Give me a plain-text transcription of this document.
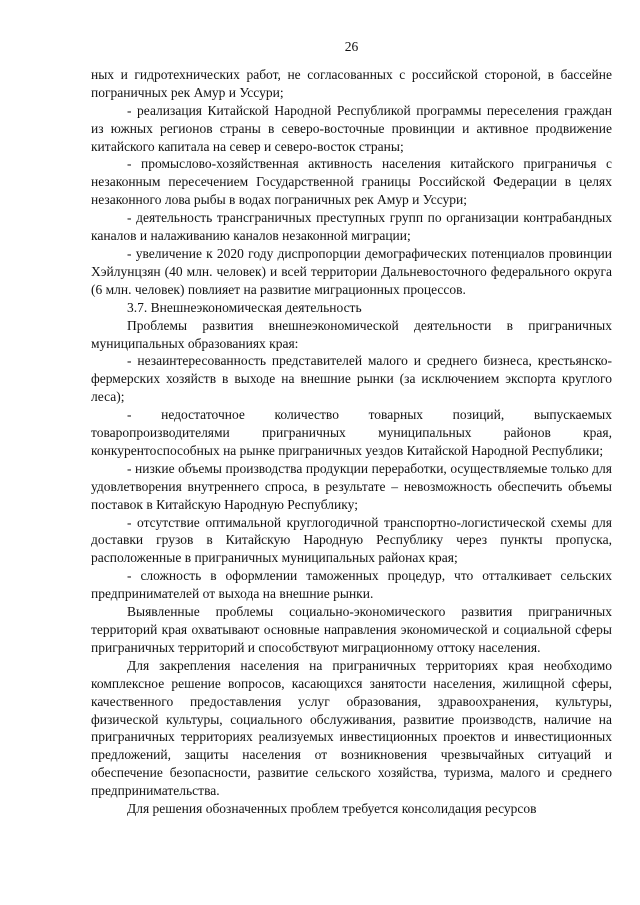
26

ных и гидротехнических работ, не согласованных с российской стороной, в бассейне пограничных рек Амур и Уссури;

- реализация Китайской Народной Республикой программы переселения граждан из южных регионов страны в северо-восточные провинции и активное продвижение китайского капитала на север и северо-восток страны;

- промыслово-хозяйственная активность населения китайского приграничья с незаконным пересечением Государственной границы Российской Федерации в целях незаконного лова рыбы в водах пограничных рек Амур и Уссури;

- деятельность трансграничных преступных групп по организации контрабандных каналов и налаживанию каналов незаконной миграции;

- увеличение к 2020 году диспропорции демографических потенциалов провинции Хэйлунцзян (40 млн. человек) и всей территории Дальневосточного федерального округа (6 млн. человек) повлияет на развитие миграционных процессов.

3.7. Внешнеэкономическая деятельность

Проблемы развития внешнеэкономической деятельности в приграничных муниципальных образованиях края:

- незаинтересованность представителей малого и среднего бизнеса, крестьянско-фермерских хозяйств в выходе на внешние рынки (за исключением экспорта круглого леса);

- недостаточное количество товарных позиций, выпускаемых товаропроизводителями приграничных муниципальных районов края, конкурентоспособных на рынке приграничных уездов Китайской Народной Республики;

- низкие объемы производства продукции переработки, осуществляемые только для удовлетворения внутреннего спроса, в результате – невозможность обеспечить объемы поставок в Китайскую Народную Республику;

- отсутствие оптимальной круглогодичной транспортно-логистической схемы для доставки грузов в Китайскую Народную Республику через пункты пропуска, расположенные в приграничных муниципальных районах края;

- сложность в оформлении таможенных процедур, что отталкивает сельских предпринимателей от выхода на внешние рынки.

Выявленные проблемы социально-экономического развития приграничных территорий края охватывают основные направления экономической и социальной сферы приграничных территорий и способствуют миграционному оттоку населения.

Для закрепления населения на приграничных территориях края необходимо комплексное решение вопросов, касающихся занятости населения, жилищной сферы, качественного предоставления услуг образования, здравоохранения, культуры, физической культуры, социального обслуживания, развитие производств, наличие на приграничных территориях реализуемых инвестиционных проектов и инвестиционных предложений, защиты населения от возникновения чрезвычайных ситуаций и обеспечение безопасности, развитие сельского хозяйства, туризма, малого и среднего предпринимательства.

Для решения обозначенных проблем требуется консолидация ресурсов
